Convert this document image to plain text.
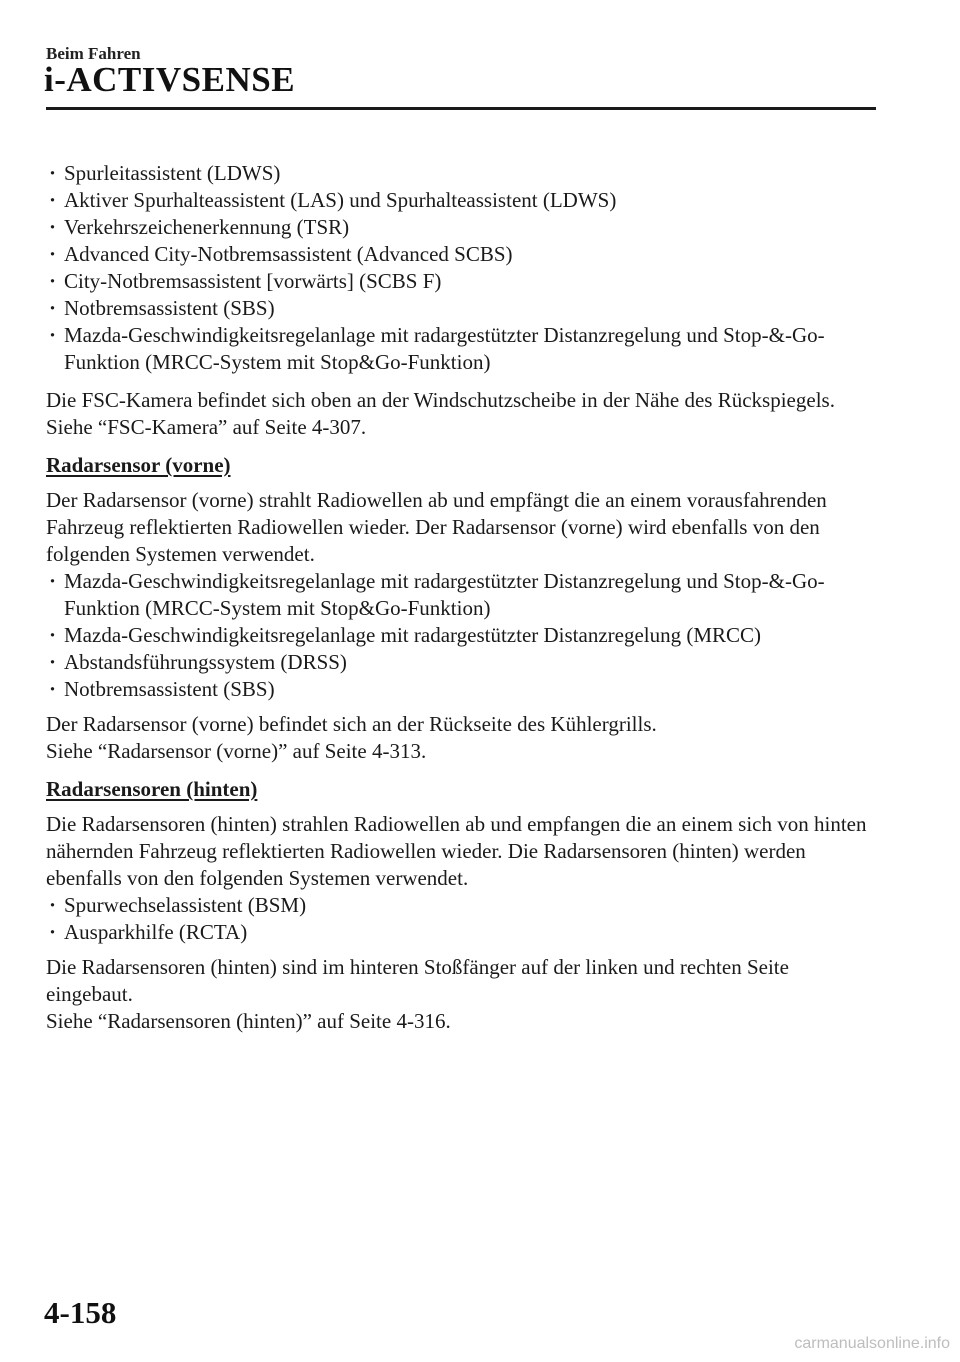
Beim Fahren
i-ACTIVSENSE
· Spurleitassistent (LDWS)
· Aktiver Spurhalteassistent (LAS) und Spurhalteassistent (LDWS)
· Verkehrszeichenerkennung (TSR)
· Advanced City-Notbremsassistent (Advanced SCBS)
· City-Notbremsassistent [vorwärts] (SCBS F)
· Notbremsassistent (SBS)
· Mazda-Geschwindigkeitsregelanlage mit radargestützter Distanzregelung und Stop-&-Go-Funktion (MRCC-System mit Stop&Go-Funktion)

Die FSC-Kamera befindet sich oben an der Windschutzscheibe in der Nähe des Rückspiegels.

Siehe “FSC-Kamera” auf Seite 4-307.

Radarsensor (vorne)

Der Radarsensor (vorne) strahlt Radiowellen ab und empfängt die an einem vorausfahrenden Fahrzeug reflektierten Radiowellen wieder. Der Radarsensor (vorne) wird ebenfalls von den folgenden Systemen verwendet.

· Mazda-Geschwindigkeitsregelanlage mit radargestützter Distanzregelung und Stop-&-Go-Funktion (MRCC-System mit Stop&Go-Funktion)
· Mazda-Geschwindigkeitsregelanlage mit radargestützter Distanzregelung (MRCC)
· Abstandsführungssystem (DRSS)
· Notbremsassistent (SBS)

Der Radarsensor (vorne) befindet sich an der Rückseite des Kühlergrills.

Siehe “Radarsensor (vorne)” auf Seite 4-313.

Radarsensoren (hinten)

Die Radarsensoren (hinten) strahlen Radiowellen ab und empfangen die an einem sich von hinten nähernden Fahrzeug reflektierten Radiowellen wieder. Die Radarsensoren (hinten) werden ebenfalls von den folgenden Systemen verwendet.

· Spurwechselassistent (BSM)
· Ausparkhilfe (RCTA)

Die Radarsensoren (hinten) sind im hinteren Stoßfänger auf der linken und rechten Seite eingebaut.

Siehe “Radarsensoren (hinten)” auf Seite 4-316.

4-158
carmanualsonline.info
